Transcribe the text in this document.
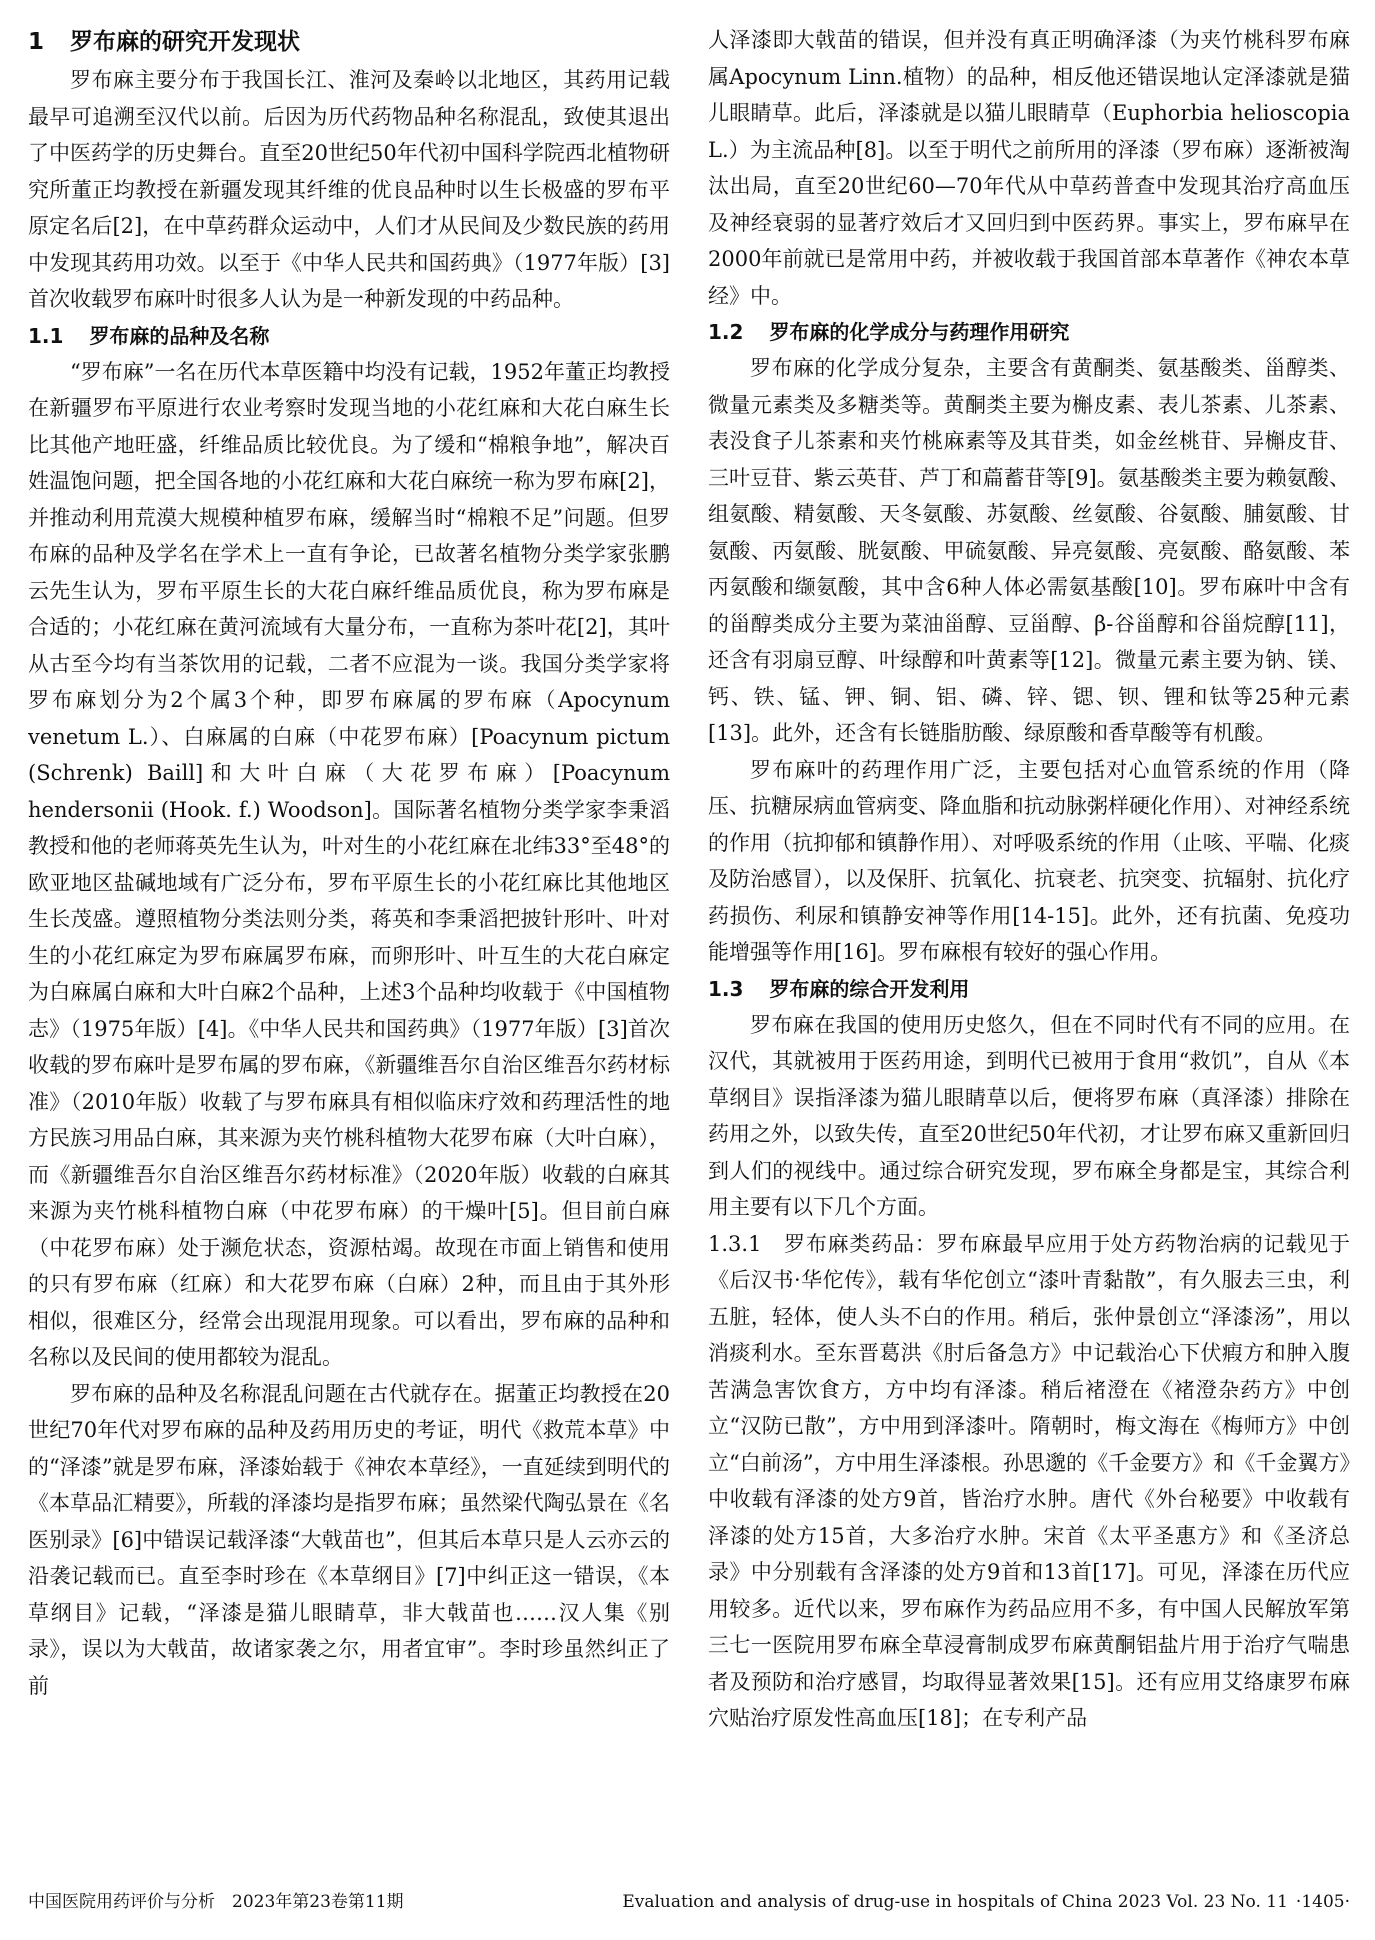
1 罗布麻的研究开发现状

罗布麻主要分布于我国长江、淮河及秦岭以北地区，其药用记载最早可追溯至汉代以前。后因为历代药物品种名称混乱，致使其退出了中医药学的历史舞台。直至20世纪50年代初中国科学院西北植物研究所董正均教授在新疆发现其纤维的优良品种时以生长极盛的罗布平原定名后[2]，在中草药群众运动中，人们才从民间及少数民族的药用中发现其药用功效。以至于《中华人民共和国药典》（1977年版）[3]首次收载罗布麻叶时很多人认为是一种新发现的中药品种。

1.1 罗布麻的品种及名称

“罗布麻”一名在历代本草医籍中均没有记载，1952年董正均教授在新疆罗布平原进行农业考察时发现当地的小花红麻和大花白麻生长比其他产地旺盛，纤维品质比较优良。为了缓和“棉粮争地”，解决百姓温饱问题，把全国各地的小花红麻和大花白麻统一称为罗布麻[2]，并推动利用荒漠大规模种植罗布麻，缓解当时“棉粮不足”问题。但罗布麻的品种及学名在学术上一直有争论，已故著名植物分类学家张鹏云先生认为，罗布平原生长的大花白麻纤维品质优良，称为罗布麻是合适的；小花红麻在黄河流域有大量分布，一直称为茶叶花[2]，其叶从古至今均有当茶饮用的记载，二者不应混为一谈。我国分类学家将罗布麻划分为2个属3个种，即罗布麻属的罗布麻（Apocynum venetum L.）、白麻属的白麻（中花罗布麻）[Poacynum pictum (Schrenk) Baill]和大叶白麻（大花罗布麻）[Poacynum hendersonii (Hook. f.) Woodson]。国际著名植物分类学家李秉滔教授和他的老师蒋英先生认为，叶对生的小花红麻在北纬33°至48°的欧亚地区盐碱地域有广泛分布，罗布平原生长的小花红麻比其他地区生长茂盛。遵照植物分类法则分类，蒋英和李秉滔把披针形叶、叶对生的小花红麻定为罗布麻属罗布麻，而卵形叶、叶互生的大花白麻定为白麻属白麻和大叶白麻2个品种，上述3个品种均收载于《中国植物志》（1975年版）[4]。《中华人民共和国药典》（1977年版）[3]首次收载的罗布麻叶是罗布属的罗布麻，《新疆维吾尔自治区维吾尔药材标准》（2010年版）收载了与罗布麻具有相似临床疗效和药理活性的地方民族习用品白麻，其来源为夹竹桃科植物大花罗布麻（大叶白麻），而《新疆维吾尔自治区维吾尔药材标准》（2020年版）收载的白麻其来源为夹竹桃科植物白麻（中花罗布麻）的干燥叶[5]。但目前白麻（中花罗布麻）处于濒危状态，资源枯竭。故现在市面上销售和使用的只有罗布麻（红麻）和大花罗布麻（白麻）2种，而且由于其外形相似，很难区分，经常会出现混用现象。可以看出，罗布麻的品种和名称以及民间的使用都较为混乱。

罗布麻的品种及名称混乱问题在古代就存在。据董正均教授在20世纪70年代对罗布麻的品种及药用历史的考证，明代《救荒本草》中的“泽漆”就是罗布麻，泽漆始载于《神农本草经》，一直延续到明代的《本草品汇精要》，所载的泽漆均是指罗布麻；虽然梁代陶弘景在《名医别录》[6]中错误记载泽漆“大戟苗也”，但其后本草只是人云亦云的沿袭记载而已。直至李时珍在《本草纲目》[7]中纠正这一错误，《本草纲目》记载，“泽漆是猫儿眼睛草，非大戟苗也……汉人集《别录》，误以为大戟苗，故诸家袭之尔，用者宜审”。李时珍虽然纠正了前

人泽漆即大戟苗的错误，但并没有真正明确泽漆（为夹竹桃科罗布麻属Apocynum Linn.植物）的品种，相反他还错误地认定泽漆就是猫儿眼睛草。此后，泽漆就是以猫儿眼睛草（Euphorbia helioscopia L.）为主流品种[8]。以至于明代之前所用的泽漆（罗布麻）逐渐被淘汰出局，直至20世纪60—70年代从中草药普查中发现其治疗高血压及神经衰弱的显著疗效后才又回归到中医药界。事实上，罗布麻早在2000年前就已是常用中药，并被收载于我国首部本草著作《神农本草经》中。

1.2 罗布麻的化学成分与药理作用研究

罗布麻的化学成分复杂，主要含有黄酮类、氨基酸类、甾醇类、微量元素类及多糖类等。黄酮类主要为槲皮素、表儿茶素、儿茶素、表没食子儿茶素和夹竹桃麻素等及其苷类，如金丝桃苷、异槲皮苷、三叶豆苷、紫云英苷、芦丁和萹蓄苷等[9]。氨基酸类主要为赖氨酸、组氨酸、精氨酸、天冬氨酸、苏氨酸、丝氨酸、谷氨酸、脯氨酸、甘氨酸、丙氨酸、胱氨酸、甲硫氨酸、异亮氨酸、亮氨酸、酪氨酸、苯丙氨酸和缬氨酸，其中含6种人体必需氨基酸[10]。罗布麻叶中含有的甾醇类成分主要为菜油甾醇、豆甾醇、β-谷甾醇和谷甾烷醇[11]，还含有羽扇豆醇、叶绿醇和叶黄素等[12]。微量元素主要为钠、镁、钙、铁、锰、钾、铜、铝、磷、锌、锶、钡、锂和钛等25种元素[13]。此外，还含有长链脂肪酸、绿原酸和香草酸等有机酸。

罗布麻叶的药理作用广泛，主要包括对心血管系统的作用（降压、抗糖尿病血管病变、降血脂和抗动脉粥样硬化作用）、对神经系统的作用（抗抑郁和镇静作用）、对呼吸系统的作用（止咳、平喘、化痰及防治感冒），以及保肝、抗氧化、抗衰老、抗突变、抗辐射、抗化疗药损伤、利尿和镇静安神等作用[14-15]。此外，还有抗菌、免疫功能增强等作用[16]。罗布麻根有较好的强心作用。

1.3 罗布麻的综合开发利用

罗布麻在我国的使用历史悠久，但在不同时代有不同的应用。在汉代，其就被用于医药用途，到明代已被用于食用“救饥”，自从《本草纲目》误指泽漆为猫儿眼睛草以后，便将罗布麻（真泽漆）排除在药用之外，以致失传，直至20世纪50年代初，才让罗布麻又重新回归到人们的视线中。通过综合研究发现，罗布麻全身都是宝，其综合利用主要有以下几个方面。

1.3.1　罗布麻类药品：罗布麻最早应用于处方药物治病的记载见于《后汉书·华佗传》，载有华佗创立“漆叶青黏散”，有久服去三虫，利五脏，轻体，使人头不白的作用。稍后，张仲景创立“泽漆汤”，用以消痰利水。至东晋葛洪《肘后备急方》中记载治心下伏瘕方和肿入腹苦满急害饮食方，方中均有泽漆。稍后褚澄在《褚澄杂药方》中创立“汉防已散”，方中用到泽漆叶。隋朝时，梅文海在《梅师方》中创立“白前汤”，方中用生泽漆根。孙思邈的《千金要方》和《千金翼方》中收载有泽漆的处方9首，皆治疗水肿。唐代《外台秘要》中收载有泽漆的处方15首，大多治疗水肿。宋首《太平圣惠方》和《圣济总录》中分别载有含泽漆的处方9首和13首[17]。可见，泽漆在历代应用较多。近代以来，罗布麻作为药品应用不多，有中国人民解放军第三七一医院用罗布麻全草浸膏制成罗布麻黄酮铝盐片用于治疗气喘患者及预防和治疗感冒，均取得显著效果[15]。还有应用艾络康罗布麻穴贴治疗原发性高血压[18]；在专利产品

中国医院用药评价与分析　2023年第23卷第11期	Evaluation and analysis of drug-use in hospitals of China 2023 Vol. 23 No. 11 ·1405·
